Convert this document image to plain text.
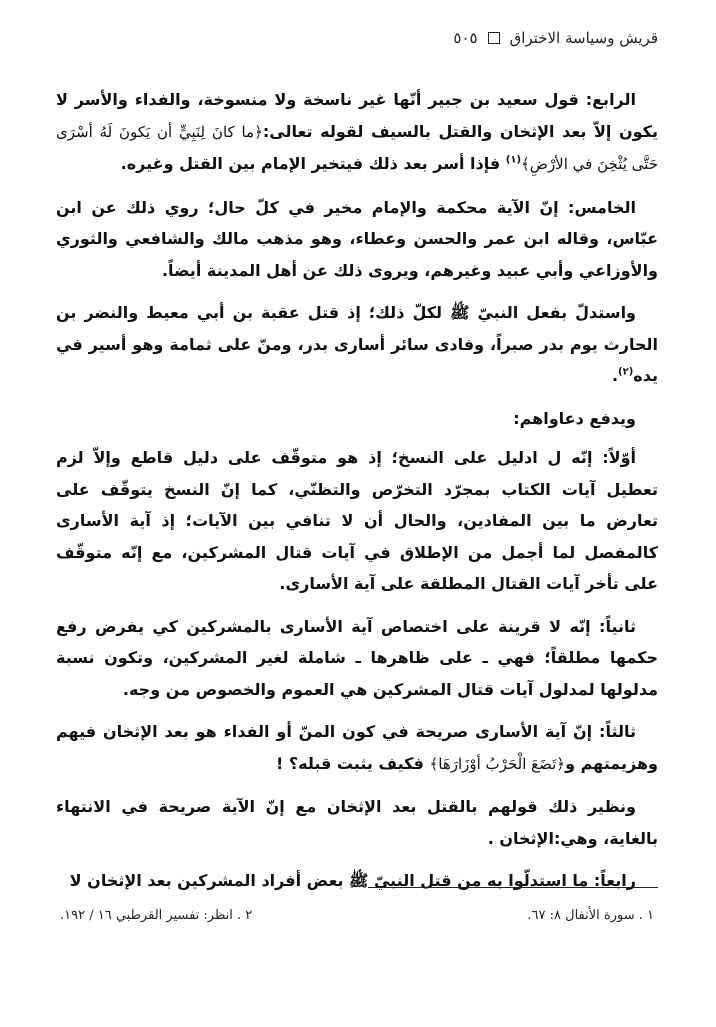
قريش وسياسة الاختراق
٥٠٥

الرابع: قول سعيد بن جبير أنّها غير ناسخة ولا منسوخة، والفداء والأسر لا يكون إلاّ بعد الإثخان والقتل بالسيف لقوله تعالى:﴿ما كانَ لِنَبِيٍّ أن يَكونَ لَهُ أسْرَى حَتَّى يُثْخِنَ في الأرْضِ﴾$^{(١)}$ فإذا أسر بعد ذلك فيتخير الإمام بين القتل وغيره.

الخامس: إنّ الآية محكمة والإمام مخير في كلّ حال؛ روي ذلك عن ابن عبّاس، وقاله ابن عمر والحسن وعطاء، وهو مذهب مالك والشافعي والثوري والأوزاعي وأبي عبيد وغيرهم، ويروى ذلك عن أهل المدينة أيضاً.

واستدلّ بفعل النبيّ ﷺ لكلّ ذلك؛ إذ قتل عقبة بن أبي معيط والنضر بن الحارث يوم بدر صبراً، وفادى سائر أسارى بدر، ومنّ على ثمامة وهو أسير في يده$^{(٢)}$.

ويدفع دعاواهم:

أوّلاً: إنّه ل ادليل على النسخ؛ إذ هو متوقّف على دليل قاطع وإلاّ لزم تعطيل آيات الكتاب بمجرّد التخرّص والتظنّي، كما إنّ النسخ يتوقّف على تعارض ما بين المفادين، والحال أن لا تنافي بين الآيات؛ إذ آية الأسارى كالمفصل لما أجمل من الإطلاق في آيات قتال المشركين، مع إنّه متوقّف على تأخر آيات القتال المطلقة على آية الأسارى.

ثانياً: إنّه لا قرينة على اختصاص آية الأسارى بالمشركين كي يفرض رفع حكمها مطلقاً؛ فهي ـ على ظاهرها ـ شاملة لغير المشركين، وتكون نسبة مدلولها لمدلول آيات قتال المشركين هي العموم والخصوص من وجه.

ثالثاً: إنّ آية الأسارى صريحة في كون المنّ أو الفداء هو بعد الإثخان فيهم وهزيمتهم و﴿تَضَعَ الْحَرْبُ أوْزَارَهَا﴾ فكيف يثبت قبله؟ !

ونظير ذلك قولهم بالقتل بعد الإثخان مع إنّ الآية صريحة في الانتهاء بالغاية، وهي:الإثخان .

رابعاً: ما استدلّوا به من قتل النبيّ ﷺ بعض أفراد المشركين بعد الإثخان لا

١ . سورة الأنفال ٨: ٦٧.
٢ . انظر: تفسير القرطبي ١٦ / ١٩٢.
